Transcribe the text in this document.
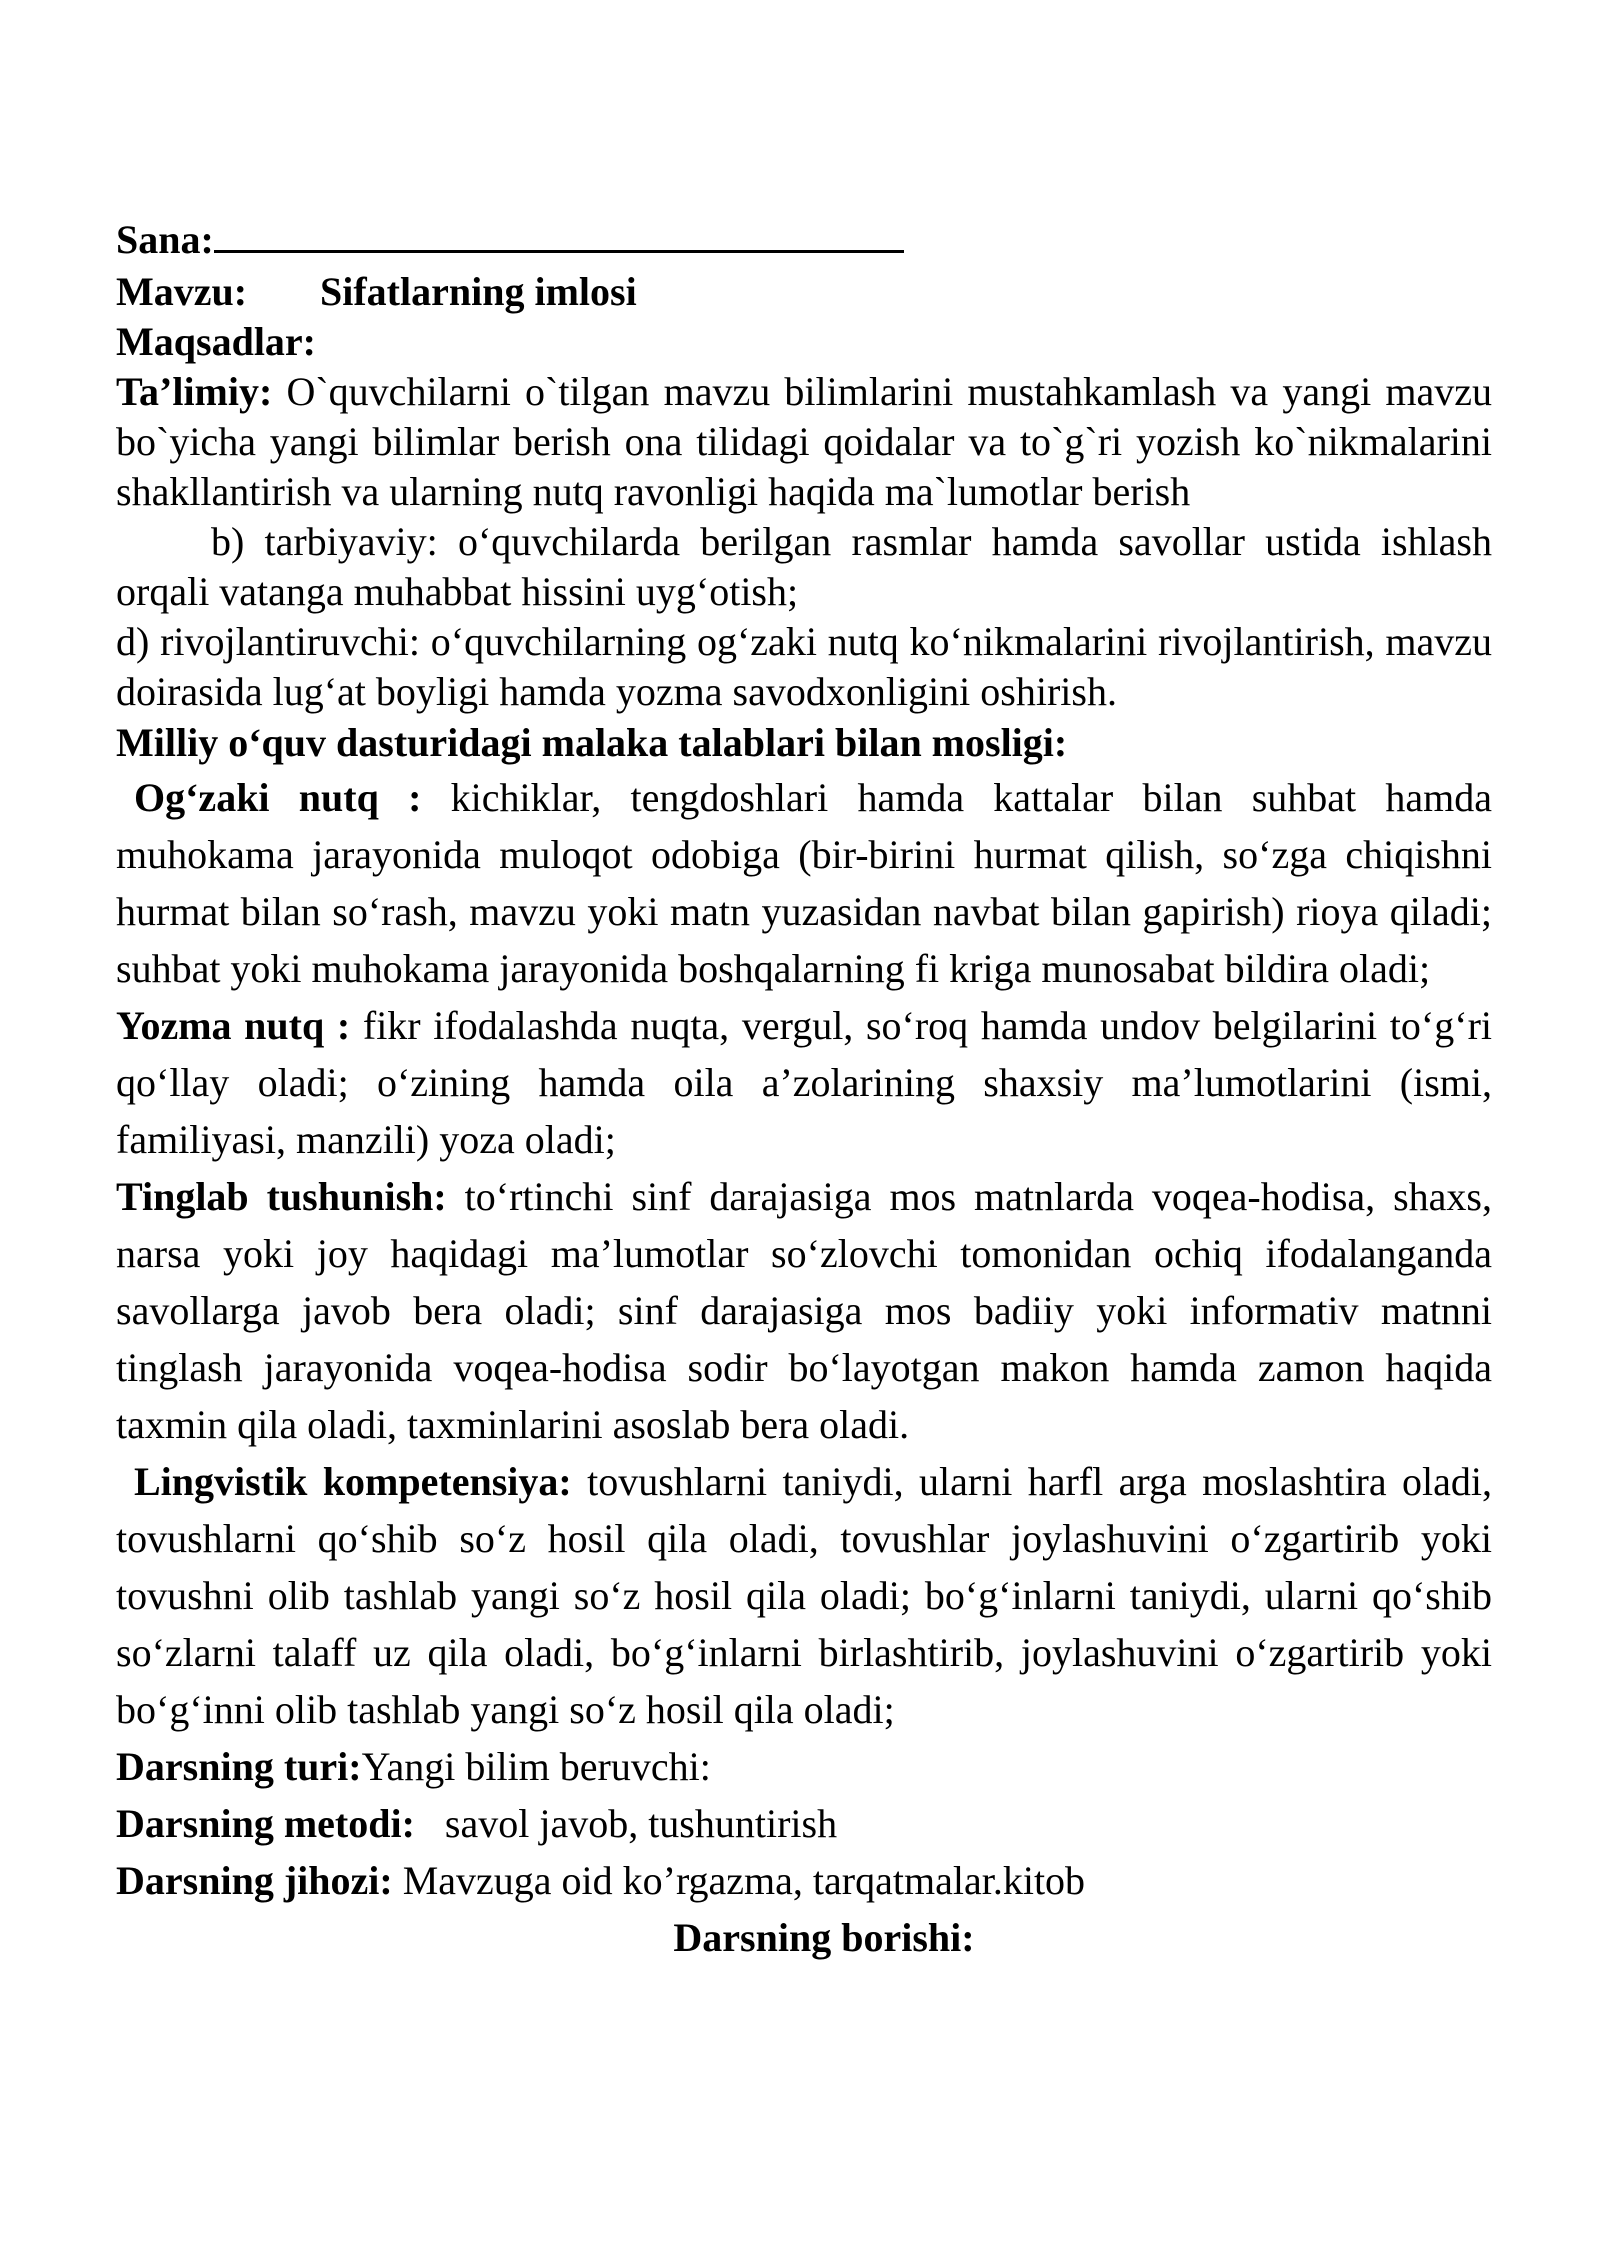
Sana:
Mavzu: Sifatlarning imlosi
Maqsadlar:
Ta’limiy: O`quvchilarni o`tilgan mavzu bilimlarini mustahkamlash va yangi mavzu bo`yicha yangi bilimlar berish ona tilidagi qoidalar va to`g`ri yozish ko`nikmalarini shakllantirish va ularning nutq ravonligi haqida ma`lumotlar berish
b) tarbiyaviy: o‘quvchilarda berilgan rasmlar hamda savollar ustida ishlash orqali vatanga muhabbat hissini uyg‘otish;
d) rivojlantiruvchi: o‘quvchilarning og‘zaki nutq ko‘nikmalarini rivojlantirish, mavzu doirasida lug‘at boyligi hamda yozma savodxonligini oshirish.
Milliy o‘quv dasturidagi malaka talablari bilan mosligi:
Og‘zaki nutq : kichiklar, tengdoshlari hamda kattalar bilan suhbat hamda muhokama jarayonida muloqot odobiga (bir-birini hurmat qilish, so‘zga chiqishni hurmat bilan so‘rash, mavzu yoki matn yuzasidan navbat bilan gapirish) rioya qiladi; suhbat yoki muhokama jarayonida boshqalarning fi kriga munosabat bildira oladi;
Yozma nutq : fikr ifodalashda nuqta, vergul, so‘roq hamda undov belgilarini to‘g‘ri qo‘llay oladi; o‘zining hamda oila a’zolarining shaxsiy ma’lumotlarini (ismi, familiyasi, manzili) yoza oladi;
Tinglab tushunish: to‘rtinchi sinf darajasiga mos matnlarda voqea-hodisa, shaxs, narsa yoki joy haqidagi ma’lumotlar so‘zlovchi tomonidan ochiq ifodalanganda savollarga javob bera oladi; sinf darajasiga mos badiiy yoki informativ matnni tinglash jarayonida voqea-hodisa sodir bo‘layotgan makon hamda zamon haqida taxmin qila oladi, taxminlarini asoslab bera oladi.
Lingvistik kompetensiya: tovushlarni taniydi, ularni harfl arga moslashtira oladi, tovushlarni qo‘shib so‘z hosil qila oladi, tovushlar joylashuvini o‘zgartirib yoki tovushni olib tashlab yangi so‘z hosil qila oladi; bo‘g‘inlarni taniydi, ularni qo‘shib so‘zlarni talaff uz qila oladi, bo‘g‘inlarni birlashtirib, joylashuvini o‘zgartirib yoki bo‘g‘inni olib tashlab yangi so‘z hosil qila oladi;
Darsning turi:Yangi bilim beruvchi:
Darsning metodi:   savol javob, tushuntirish
Darsning jihozi: Mavzuga oid ko’rgazma, tarqatmalar.kitob
Darsning borishi:
